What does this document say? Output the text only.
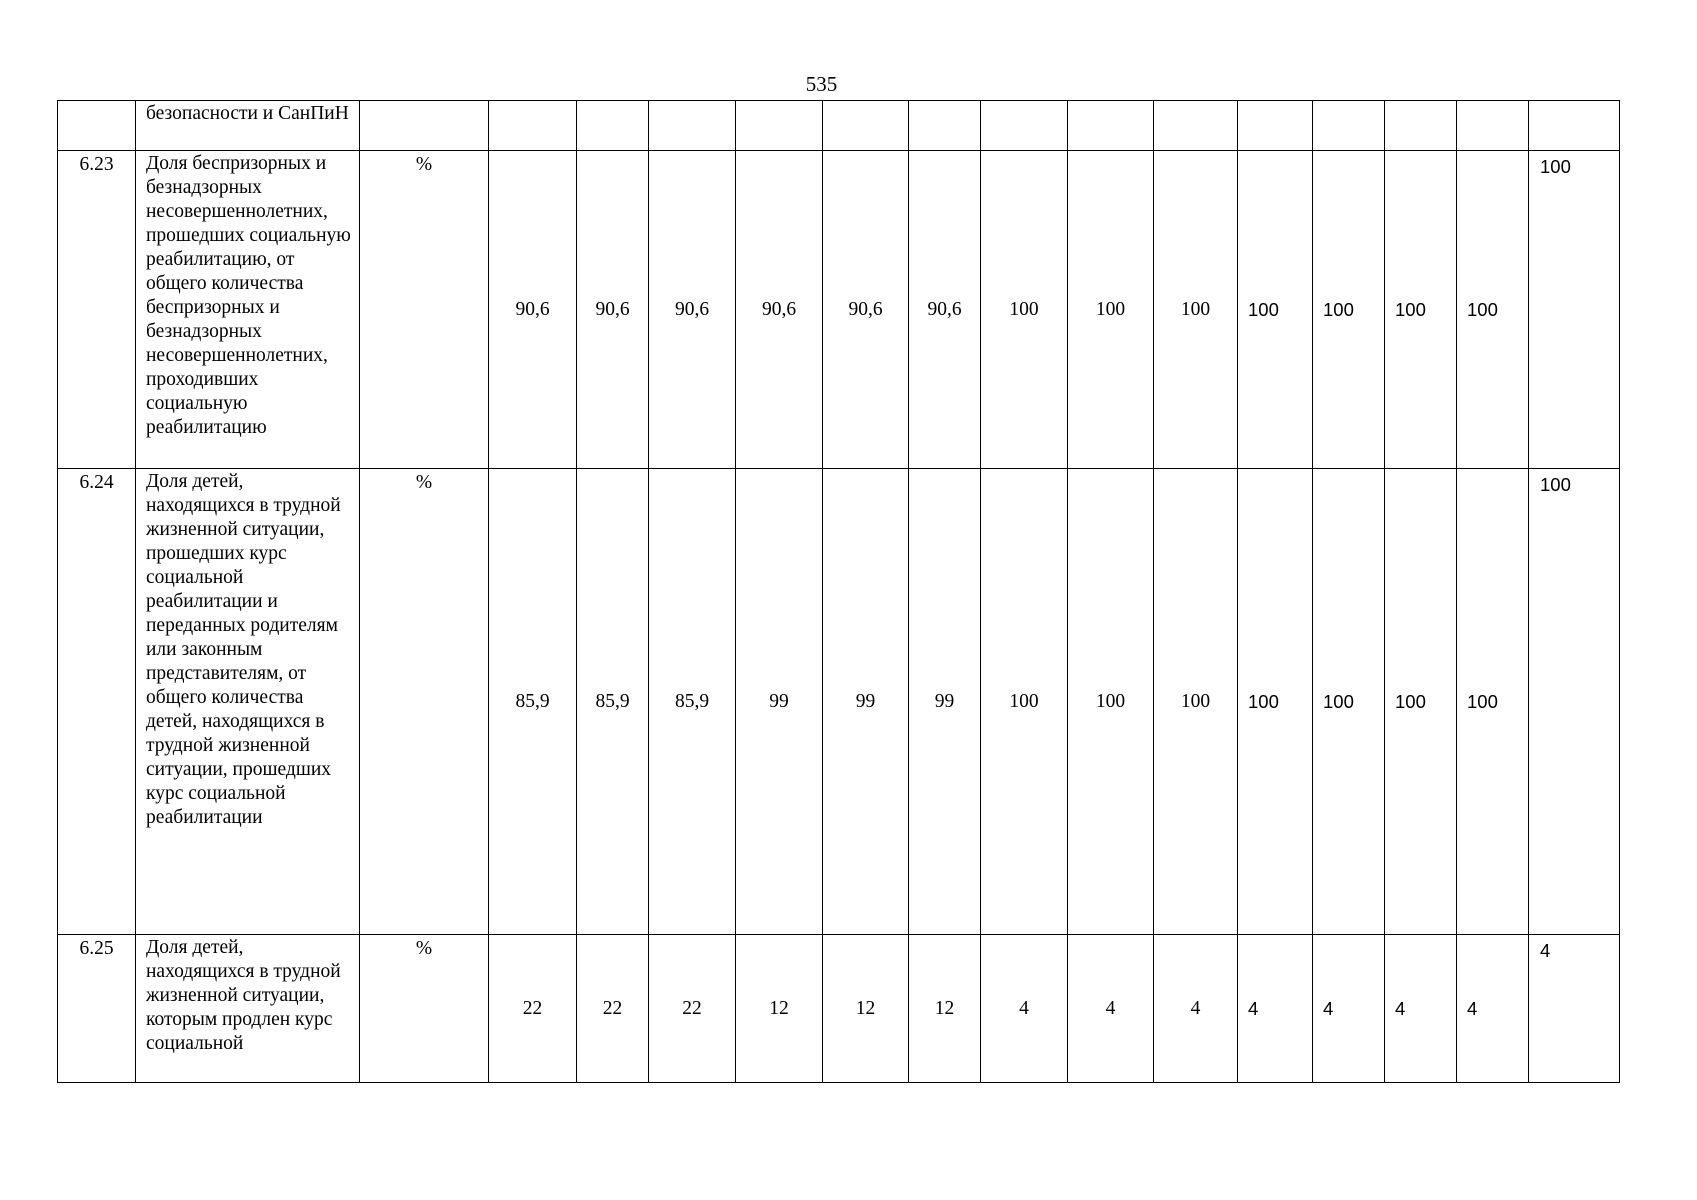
535
	безопасности и СанПиН															
6.23	Доля беспризорных и безнадзорных несовершеннолетних, прошедших социальную реабилитацию, от общего количества беспризорных и безнадзорных несовершеннолетних, проходивших социальную реабилитацию	%	90,6	90,6	90,6	90,6	90,6	90,6	100	100	100	100	100	100	100	100
6.24	Доля детей, находящихся в трудной жизненной ситуации, прошедших курс социальной реабилитации и переданных родителям или законным представителям, от общего количества детей, находящихся в трудной жизненной ситуации, прошедших курс социальной реабилитации	%	85,9	85,9	85,9	99	99	99	100	100	100	100	100	100	100	100
6.25	Доля детей, находящихся в трудной жизненной ситуации, которым продлен курс социальной	%	22	22	22	12	12	12	4	4	4	4	4	4	4	4
